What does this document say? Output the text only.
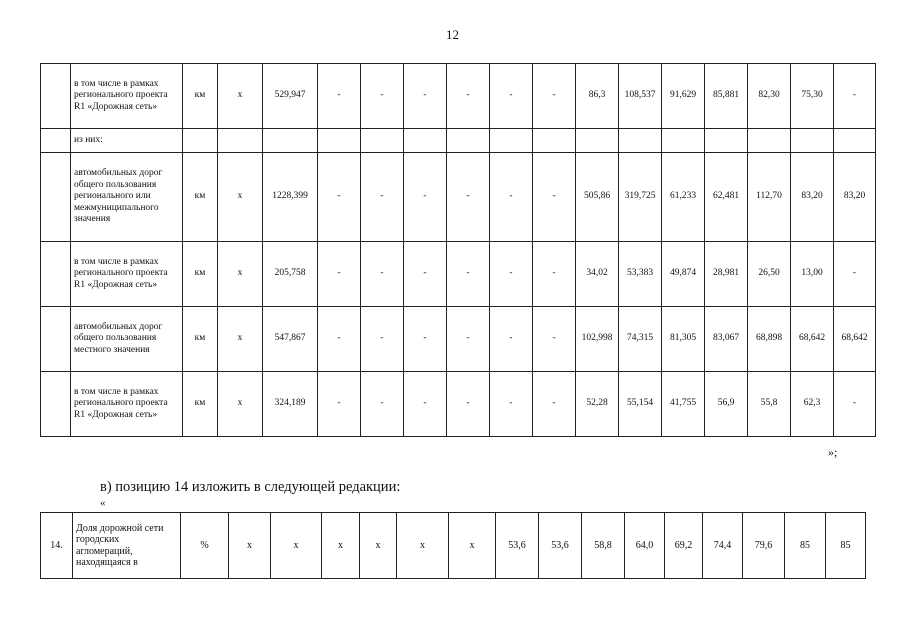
12
	в том числе в рамках регионального проекта R1 «Дорожная сеть»	км	х	529,947	-	-	-	-	-	-	86,3	108,537	91,629	85,881	82,30	75,30	-
	из них:																
	автомобильных дорог общего пользования регионального или межмуниципального значения	км	х	1228,399	-	-	-	-	-	-	505,86	319,725	61,233	62,481	112,70	83,20	83,20
	в том числе в рамках регионального проекта R1 «Дорожная сеть»	км	х	205,758	-	-	-	-	-	-	34,02	53,383	49,874	28,981	26,50	13,00	-
	автомобильных дорог общего пользования местного значения	км	х	547,867	-	-	-	-	-	-	102,998	74,315	81,305	83,067	68,898	68,642	68,642
	в том числе в рамках регионального проекта R1 «Дорожная сеть»	км	х	324,189	-	-	-	-	-	-	52,28	55,154	41,755	56,9	55,8	62,3	-
»;
в) позицию 14 изложить в следующей редакции:
«
14.	Доля дорожной сети городских агломераций, находящаяся в	%	х	х	х	х	х	х	53,6	53,6	58,8	64,0	69,2	74,4	79,6	85	85
